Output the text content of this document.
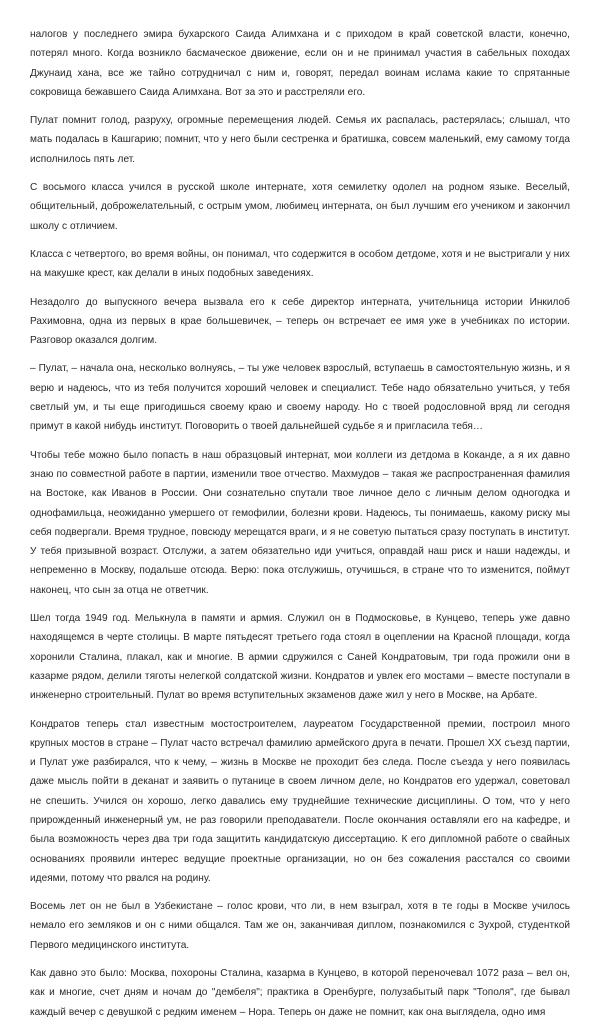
налогов у последнего эмира бухарского Саида Алимхана и с приходом в край советской власти, конечно, потерял много. Когда возникло басмаческое движение, если он и не принимал участия в сабельных походах Джунаид хана, все же тайно сотрудничал с ним и, говорят, передал воинам ислама какие то спрятанные сокровища бежавшего Саида Алимхана. Вот за это и расстреляли его.

Пулат помнит голод, разруху, огромные перемещения людей. Семья их распалась, растерялась; слышал, что мать подалась в Кашгарию; помнит, что у него были сестренка и братишка, совсем маленький, ему самому тогда исполнилось пять лет.

С восьмого класса учился в русской школе интернате, хотя семилетку одолел на родном языке. Веселый, общительный, доброжелательный, с острым умом, любимец интерната, он был лучшим его учеником и закончил школу с отличием.

Класса с четвертого, во время войны, он понимал, что содержится в особом детдоме, хотя и не выстригали у них на макушке крест, как делали в иных подобных заведениях.

Незадолго до выпускного вечера вызвала его к себе директор интерната, учительница истории Инкилоб Рахимовна, одна из первых в крае большевичек, – теперь он встречает ее имя уже в учебниках по истории. Разговор оказался долгим.

– Пулат, – начала она, несколько волнуясь, – ты уже человек взрослый, вступаешь в самостоятельную жизнь, и я верю и надеюсь, что из тебя получится хороший человек и специалист. Тебе надо обязательно учиться, у тебя светлый ум, и ты еще пригодишься своему краю и своему народу. Но с твоей родословной вряд ли сегодня примут в какой нибудь институт. Поговорить о твоей дальнейшей судьбе я и пригласила тебя…

Чтобы тебе можно было попасть в наш образцовый интернат, мои коллеги из детдома в Коканде, а я их давно знаю по совместной работе в партии, изменили твое отчество. Махмудов – такая же распространенная фамилия на Востоке, как Иванов в России. Они сознательно спутали твое личное дело с личным делом одногодка и однофамильца, неожиданно умершего от гемофилии, болезни крови. Надеюсь, ты понимаешь, какому риску мы себя подвергали. Время трудное, повсюду мерещатся враги, и я не советую пытаться сразу поступать в институт. У тебя призывной возраст. Отслужи, а затем обязательно иди учиться, оправдай наш риск и наши надежды, и непременно в Москву, подальше отсюда. Верю: пока отслужишь, отучишься, в стране что то изменится, поймут наконец, что сын за отца не ответчик.

Шел тогда 1949 год. Мелькнула в памяти и армия. Служил он в Подмосковье, в Кунцево, теперь уже давно находящемся в черте столицы. В марте пятьдесят третьего года стоял в оцеплении на Красной площади, когда хоронили Сталина, плакал, как и многие. В армии сдружился с Саней Кондратовым, три года прожили они в казарме рядом, делили тяготы нелегкой солдатской жизни. Кондратов и увлек его мостами – вместе поступали в инженерно строительный. Пулат во время вступительных экзаменов даже жил у него в Москве, на Арбате.

Кондратов теперь стал известным мостостроителем, лауреатом Государственной премии, построил много крупных мостов в стране – Пулат часто встречал фамилию армейского друга в печати. Прошел XX съезд партии, и Пулат уже разбирался, что к чему, – жизнь в Москве не проходит без следа. После съезда у него появилась даже мысль пойти в деканат и заявить о путанице в своем личном деле, но Кондратов его удержал, советовал не спешить. Учился он хорошо, легко давались ему труднейшие технические дисциплины. О том, что у него прирожденный инженерный ум, не раз говорили преподаватели. После окончания оставляли его на кафедре, и была возможность через два три года защитить кандидатскую диссертацию. К его дипломной работе о свайных основаниях проявили интерес ведущие проектные организации, но он без сожаления расстался со своими идеями, потому что рвался на родину.

Восемь лет он не был в Узбекистане – голос крови, что ли, в нем взыграл, хотя в те годы в Москве училось немало его земляков и он с ними общался. Там же он, заканчивая диплом, познакомился с Зухрой, студенткой Первого медицинского института.

Как давно это было: Москва, похороны Сталина, казарма в Кунцево, в которой переночевал 1072 раза – вел он, как и многие, счет дням и ночам до "дембеля"; практика в Оренбурге, полузабытый парк "Тополя", где бывал каждый вечер с девушкой с редким именем – Нора. Теперь он даже не помнит, как она выглядела, одно имя
